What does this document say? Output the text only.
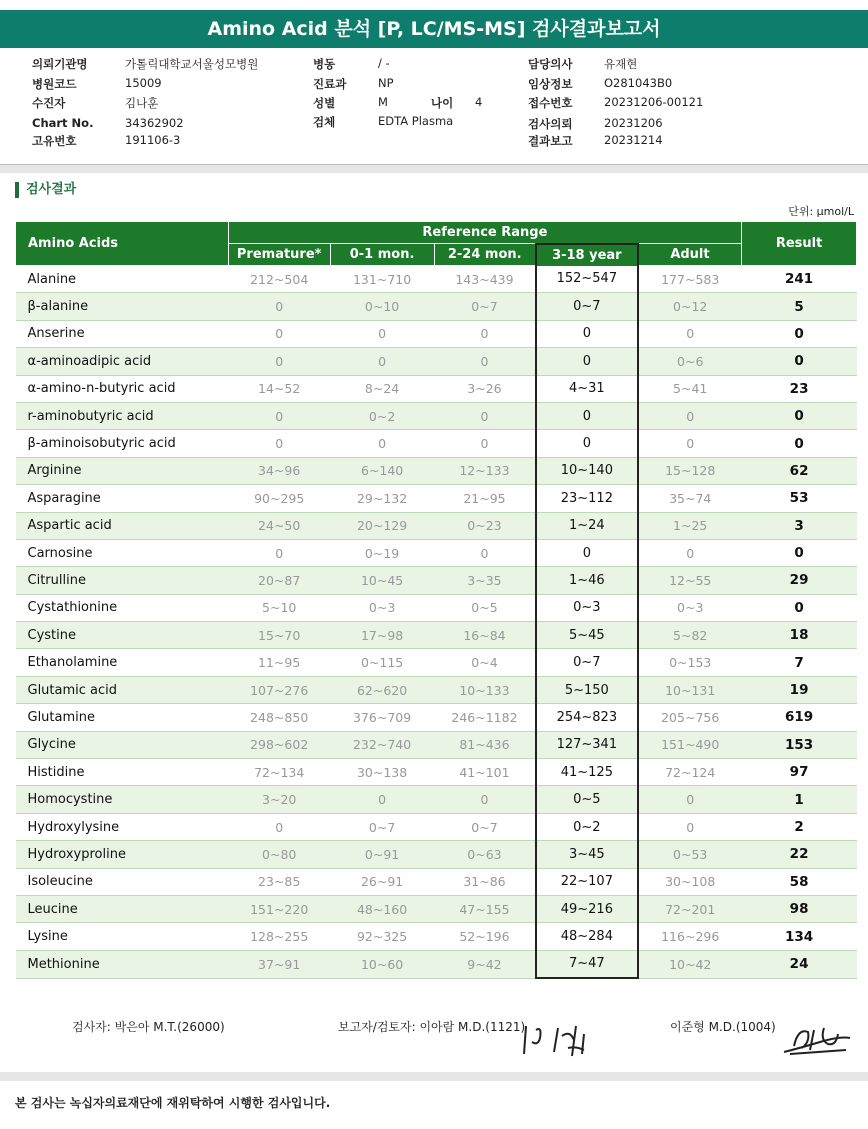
Amino Acid 분석 [P, LC/MS-MS] 검사결과보고서
의뢰기관명	가톨릭대학교서울성모병원
병원코드	15009
수진자	김나훈
Chart No.	34362902
고유번호	191106-3
병동	/ -
진료과	NP
성별	M	나이 4
검체	EDTA Plasma
담당의사	유재현
임상정보	O281043B0
접수번호	20231206-00121
검사의뢰	20231206
결과보고	20231214
검사결과
단위: μmol/L
Amino Acids	Reference Range					Result
	Premature*	0-1 mon.	2-24 mon.	3-18 year	Adult	
Alanine	212~504	131~710	143~439	152~547	177~583	241
β-alanine	0	0~10	0~7	0~7	0~12	5
Anserine	0	0	0	0	0	0
α-aminoadipic acid	0	0	0	0	0~6	0
α-amino-n-butyric acid	14~52	8~24	3~26	4~31	5~41	23
r-aminobutyric acid	0	0~2	0	0	0	0
β-aminoisobutyric acid	0	0	0	0	0	0
Arginine	34~96	6~140	12~133	10~140	15~128	62
Asparagine	90~295	29~132	21~95	23~112	35~74	53
Aspartic acid	24~50	20~129	0~23	1~24	1~25	3
Carnosine	0	0~19	0	0	0	0
Citrulline	20~87	10~45	3~35	1~46	12~55	29
Cystathionine	5~10	0~3	0~5	0~3	0~3	0
Cystine	15~70	17~98	16~84	5~45	5~82	18
Ethanolamine	11~95	0~115	0~4	0~7	0~153	7
Glutamic acid	107~276	62~620	10~133	5~150	10~131	19
Glutamine	248~850	376~709	246~1182	254~823	205~756	619
Glycine	298~602	232~740	81~436	127~341	151~490	153
Histidine	72~134	30~138	41~101	41~125	72~124	97
Homocystine	3~20	0	0	0~5	0	1
Hydroxylysine	0	0~7	0~7	0~2	0	2
Hydroxyproline	0~80	0~91	0~63	3~45	0~53	22
Isoleucine	23~85	26~91	31~86	22~107	30~108	58
Leucine	151~220	48~160	47~155	49~216	72~201	98
Lysine	128~255	92~325	52~196	48~284	116~296	134
Methionine	37~91	10~60	9~42	7~47	10~42	24
검사자: 박은아 M.T.(26000)	보고자/검토자: 이아람 M.D.(1121)	이준형 M.D.(1004)
본 검사는 녹십자의료재단에 재위탁하여 시행한 검사입니다.
